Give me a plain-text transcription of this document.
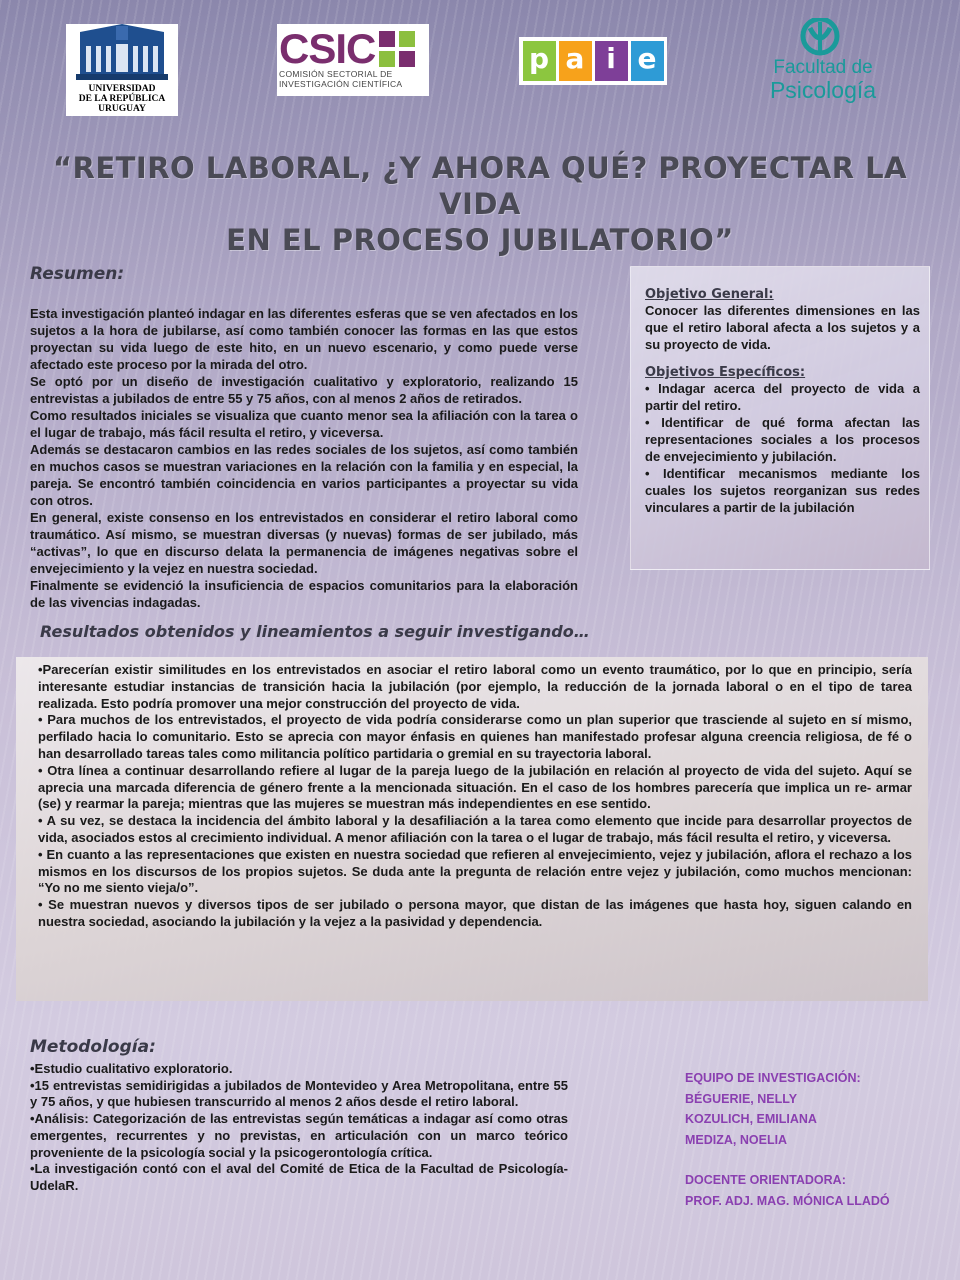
UNIVERSIDAD
DE LA REPÚBLICA
URUGUAY
CSIC
COMISIÓN SECTORIAL DE
INVESTIGACIÓN CIENTÍFICA
p a i e	Facultad de
Psicología
“RETIRO LABORAL, ¿Y AHORA QUÉ? PROYECTAR LA VIDA
EN EL PROCESO JUBILATORIO”
Resumen:

Esta investigación planteó indagar en las diferentes esferas que se ven afectados en los sujetos a la hora de jubilarse, así como también conocer las formas en las que estos proyectan su vida luego de este hito, en un nuevo escenario, y como puede verse afectado este proceso por la mirada del otro.

Se optó por un diseño de investigación cualitativo y exploratorio, realizando 15 entrevistas a jubilados de entre 55 y 75 años, con al menos 2 años de retirados.

Como resultados iniciales se visualiza que cuanto menor sea la afiliación con la tarea o el lugar de trabajo, más fácil resulta el retiro, y viceversa.

Además se destacaron cambios en las redes sociales de los sujetos, así como también en muchos casos se muestran variaciones en la relación con la familia y en especial, la pareja. Se encontró también coincidencia en varios participantes a proyectar su vida con otros.

En general, existe consenso en los entrevistados en considerar el retiro laboral como traumático. Así mismo, se muestran diversas (y nuevas) formas de ser jubilado, más “activas”, lo que en discurso delata la permanencia de imágenes negativas sobre el envejecimiento y la vejez en nuestra sociedad.

Finalmente se evidenció la insuficiencia de espacios comunitarios para la elaboración de las vivencias indagadas.

Objetivo General:
Conocer las diferentes dimensiones en las que el retiro laboral afecta a los sujetos y a su proyecto de vida.
Objetivos Específicos:
• Indagar acerca del proyecto de vida a partir del retiro.
• Identificar de qué forma afectan las representaciones sociales a los procesos de envejecimiento y jubilación.
• Identificar mecanismos mediante los cuales los sujetos reorganizan sus redes vinculares a partir de la jubilación
Resultados obtenidos y lineamientos a seguir investigando…
•Parecerían existir similitudes en los entrevistados en asociar el retiro laboral como un evento traumático, por lo que en principio, sería interesante estudiar instancias de transición hacia la jubilación (por ejemplo, la reducción de la jornada laboral o en el tipo de tarea realizada. Esto podría promover una mejor construcción del proyecto de vida.
• Para muchos de los entrevistados, el proyecto de vida podría considerarse como un plan superior que trasciende al sujeto en sí mismo, perfilado hacia lo comunitario. Esto se aprecia con mayor énfasis en quienes han manifestado profesar alguna creencia religiosa, de fé o han desarrollado tareas tales como militancia político partidaria o gremial en su trayectoria laboral.
• Otra línea a continuar desarrollando refiere al lugar de la pareja luego de la jubilación en relación al proyecto de vida del sujeto. Aquí se aprecia una marcada diferencia de género frente a la mencionada situación. En el caso de los hombres parecería que implica un re- armar (se) y rearmar la pareja; mientras que las mujeres se muestran más independientes en ese sentido.
• A su vez, se destaca la incidencia del ámbito laboral y la desafiliación a la tarea como elemento que incide para desarrollar proyectos de vida, asociados estos al crecimiento individual. A menor afiliación con la tarea o el lugar de trabajo, más fácil resulta el retiro, y viceversa.
• En cuanto a las representaciones que existen en nuestra sociedad que refieren al envejecimiento, vejez y jubilación, aflora el rechazo a los mismos en los discursos de los propios sujetos. Se duda ante la pregunta de relación entre vejez y jubilación, como muchos mencionan: “Yo no me siento vieja/o”.
• Se muestran nuevos y diversos tipos de ser jubilado o persona mayor, que distan de las imágenes que hasta hoy, siguen calando en nuestra sociedad, asociando la jubilación y la vejez a la pasividad y dependencia.
Metodología:
•Estudio cualitativo exploratorio.
•15 entrevistas semidirigidas a jubilados de Montevideo y Area Metropolitana, entre 55 y 75 años, y que hubiesen transcurrido al menos 2 años desde el retiro laboral.
•Análisis: Categorización de las entrevistas según temáticas a indagar así como otras emergentes, recurrentes y no previstas, en articulación con un marco teórico proveniente de la psicología social y la psicogerontología crítica.
•La investigación contó con el aval del Comité de Etica de la Facultad de Psicología-UdelaR.
EQUIPO DE INVESTIGACIÓN:
BÉGUERIE, NELLY
KOZULICH, EMILIANA
MEDIZA, NOELIA
DOCENTE ORIENTADORA:
PROF. ADJ. MAG. MÓNICA LLADÓ
